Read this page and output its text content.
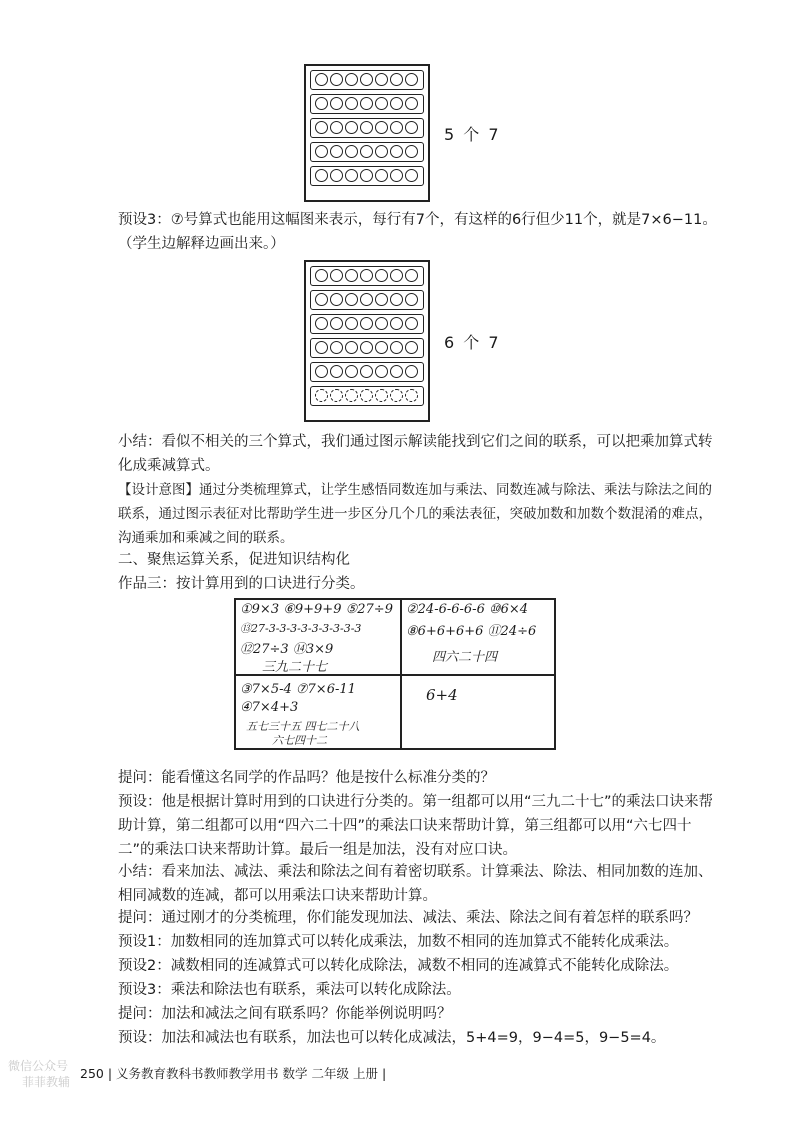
5 个 7
预设3：⑦号算式也能用这幅图来表示，每行有7个，有这样的6行但少11个，就是7×6−11。（学生边解释边画出来。）
6 个 7
小结：看似不相关的三个算式，我们通过图示解读能找到它们之间的联系，可以把乘加算式转化成乘减算式。
【设计意图】通过分类梳理算式，让学生感悟同数连加与乘法、同数连减与除法、乘法与除法之间的联系，通过图示表征对比帮助学生进一步区分几个几的乘法表征，突破加数和加数个数混淆的难点，沟通乘加和乘减之间的联系。
二、聚焦运算关系，促进知识结构化
作品三：按计算用到的口诀进行分类。
①9×3 ⑥9+9+9 ⑤27÷9
⑬27-3-3-3-3-3-3-3-3-3
⑫27÷3 ⑭3×9
三九二十七
②24-6-6-6-6 ⑩6×4
⑧6+6+6+6 ⑪24÷6
四六二十四
③7×5-4 ⑦7×6-11
④7×4+3
五七三十五 四七二十八
六七四十二
6+4
提问：能看懂这名同学的作品吗？他是按什么标准分类的？
预设：他是根据计算时用到的口诀进行分类的。第一组都可以用“三九二十七”的乘法口诀来帮助计算，第二组都可以用“四六二十四”的乘法口诀来帮助计算，第三组都可以用“六七四十二”的乘法口诀来帮助计算。最后一组是加法，没有对应口诀。
小结：看来加法、减法、乘法和除法之间有着密切联系。计算乘法、除法、相同加数的连加、相同减数的连减，都可以用乘法口诀来帮助计算。
提问：通过刚才的分类梳理，你们能发现加法、减法、乘法、除法之间有着怎样的联系吗？
预设1：加数相同的连加算式可以转化成乘法，加数不相同的连加算式不能转化成乘法。
预设2：减数相同的连减算式可以转化成除法，减数不相同的连减算式不能转化成除法。
预设3：乘法和除法也有联系，乘法可以转化成除法。
提问：加法和减法之间有联系吗？你能举例说明吗？
预设：加法和减法也有联系，加法也可以转化成减法，5+4=9，9−4=5，9−5=4。
微信公众号
菲菲教辅
250 | 义务教育教科书教师教学用书 数学 二年级 上册 |
